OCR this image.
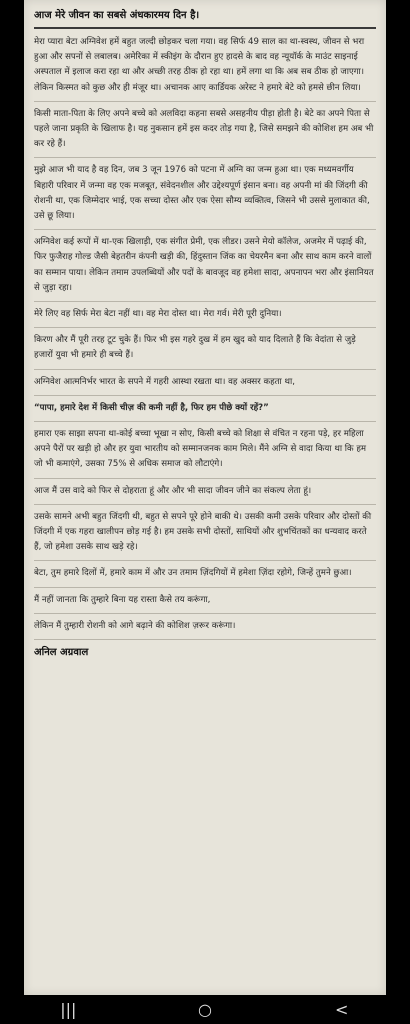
आज मेरे जीवन का सबसे अंधकारमय दिन है।

मेरा प्यारा बेटा अग्निवेश हमें बहुत जल्दी छोड़कर चला गया। वह सिर्फ 49 साल का था-स्वस्थ, जीवन से भरा हुआ और सपनों से लबालब। अमेरिका में स्कीइंग के दौरान हुए हादसे के बाद वह न्यूयॉर्क के माउंट साइनाई अस्पताल में इलाज करा रहा था और अच्छी तरह ठीक हो रहा था। हमें लगा था कि अब सब ठीक हो जाएगा। लेकिन किस्मत को कुछ और ही मंजूर था। अचानक आए कार्डियक अरेस्ट ने हमारे बेटे को हमसे छीन लिया।

किसी माता-पिता के लिए अपने बच्चे को अलविदा कहना सबसे असहनीय पीड़ा होती है। बेटे का अपने पिता से पहले जाना प्रकृति के खिलाफ है। यह नुकसान हमें इस कदर तोड़ गया है, जिसे समझने की कोशिश हम अब भी कर रहे हैं।

मुझे आज भी याद है वह दिन, जब 3 जून 1976 को पटना में अग्नि का जन्म हुआ था। एक मध्यमवर्गीय बिहारी परिवार में जन्मा वह एक मजबूत, संवेदनशील और उद्देश्यपूर्ण इंसान बना। वह अपनी मां की जिंदगी की रोशनी था, एक जिम्मेदार भाई, एक सच्चा दोस्त और एक ऐसा सौम्य व्यक्तित्व, जिसने भी उससे मुलाकात की, उसे छू लिया।

अग्निवेश कई रूपों में था-एक खिलाड़ी, एक संगीत प्रेमी, एक लीडर। उसने मेयो कॉलेज, अजमेर में पढ़ाई की, फिर फुजैराह गोल्ड जैसी बेहतरीन कंपनी खड़ी की, हिंदुस्तान जिंक का चेयरमैन बना और साथ काम करने वालों का सम्मान पाया। लेकिन तमाम उपलब्धियों और पदों के बावजूद वह हमेशा सादा, अपनापन भरा और इंसानियत से जुड़ा रहा।

मेरे लिए वह सिर्फ मेरा बेटा नहीं था। वह मेरा दोस्त था। मेरा गर्व। मेरी पूरी दुनिया।

किरण और मैं पूरी तरह टूट चुके हैं। फिर भी इस गहरे दुख में हम खुद को याद दिलाते हैं कि वेदांता से जुड़े हजारों युवा भी हमारे ही बच्चे हैं।

अग्निवेश आत्मनिर्भर भारत के सपने में गहरी आस्था रखता था। वह अक्सर कहता था,

“पापा, हमारे देश में किसी चीज़ की कमी नहीं है, फिर हम पीछे क्यों रहें?”

हमारा एक साझा सपना था-कोई बच्चा भूखा न सोए, किसी बच्चे को शिक्षा से वंचित न रहना पड़े, हर महिला अपने पैरों पर खड़ी हो और हर युवा भारतीय को सम्मानजनक काम मिले। मैंने अग्नि से वादा किया था कि हम जो भी कमाएंगे, उसका 75% से अधिक समाज को लौटाएंगे।

आज मैं उस वादे को फिर से दोहराता हूं और और भी सादा जीवन जीने का संकल्प लेता हूं।

उसके सामने अभी बहुत जिंदगी थी, बहुत से सपने पूरे होने बाकी थे। उसकी कमी उसके परिवार और दोस्तों की जिंदगी में एक गहरा खालीपन छोड़ गई है। हम उसके सभी दोस्तों, साथियों और शुभचिंतकों का धन्यवाद करते हैं, जो हमेशा उसके साथ खड़े रहे।

बेटा, तुम हमारे दिलों में, हमारे काम में और उन तमाम ज़िंदगियों में हमेशा ज़िंदा रहोगे, जिन्हें तुमने छुआ।

मैं नहीं जानता कि तुम्हारे बिना यह रास्ता कैसे तय करूंगा,

लेकिन मैं तुम्हारी रोशनी को आगे बढ़ाने की कोशिश ज़रूर करूंगा।

अनिल अग्रवाल
|||	○	<
